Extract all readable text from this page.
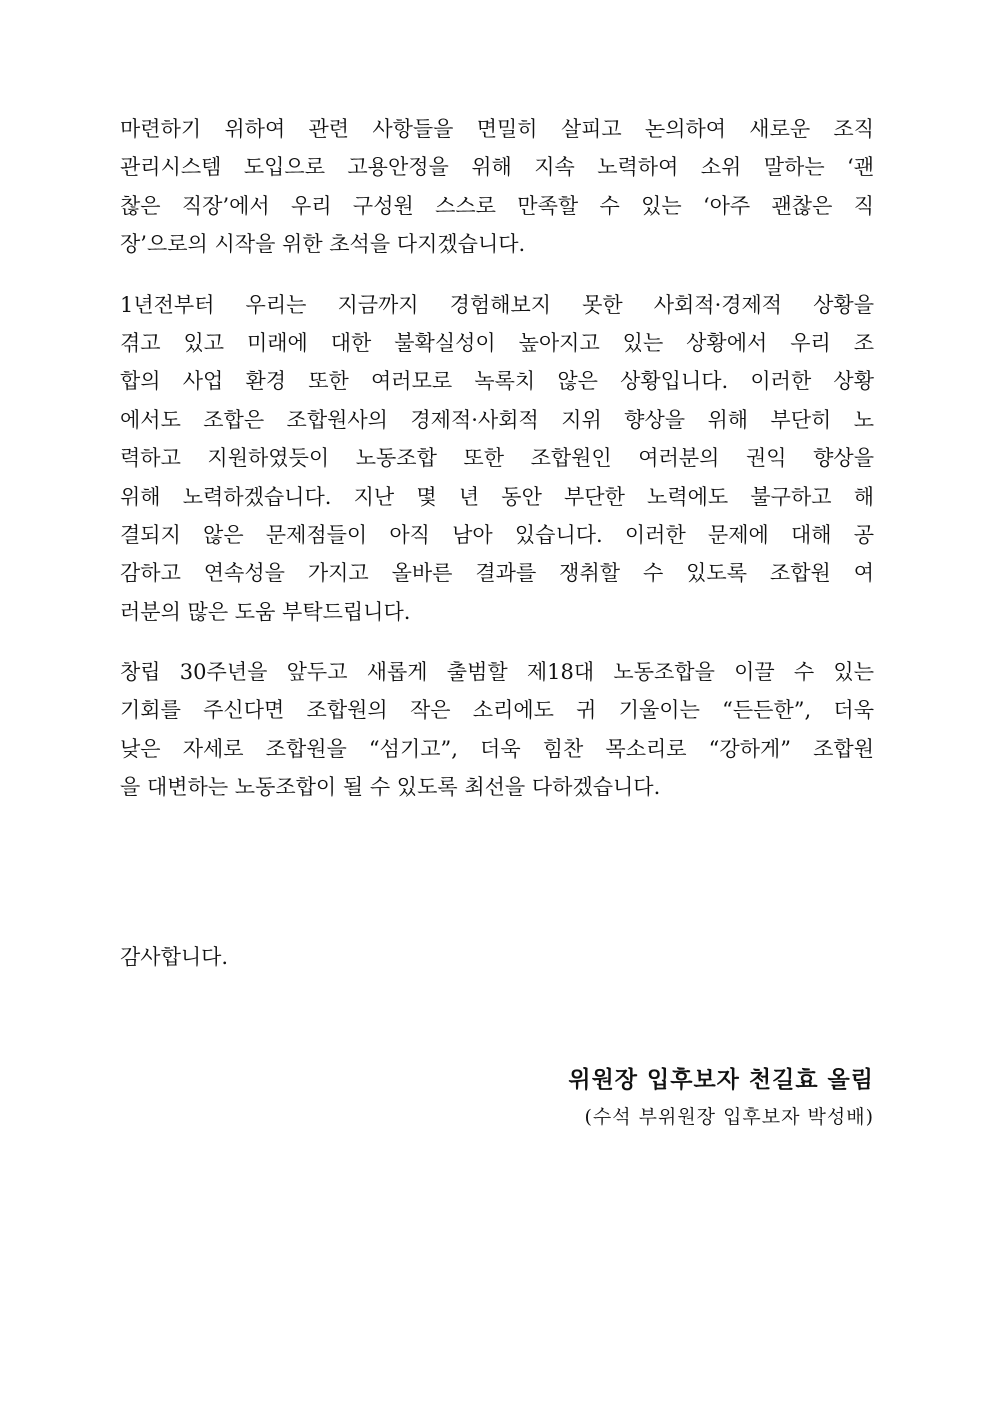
마련하기 위하여 관련 사항들을 면밀히 살피고 논의하여 새로운 조직
관리시스템 도입으로 고용안정을 위해 지속 노력하여 소위 말하는 ‘괜
찮은 직장’에서 우리 구성원 스스로 만족할 수 있는 ‘아주 괜찮은 직
장’으로의 시작을 위한 초석을 다지겠습니다.
1년전부터 우리는 지금까지 경험해보지 못한 사회적·경제적 상황을
겪고 있고 미래에 대한 불확실성이 높아지고 있는 상황에서 우리 조
합의 사업 환경 또한 여러모로 녹록치 않은 상황입니다. 이러한 상황
에서도 조합은 조합원사의 경제적·사회적 지위 향상을 위해 부단히 노
력하고 지원하였듯이 노동조합 또한 조합원인 여러분의 권익 향상을
위해 노력하겠습니다. 지난 몇 년 동안 부단한 노력에도 불구하고 해
결되지 않은 문제점들이 아직 남아 있습니다. 이러한 문제에 대해 공
감하고 연속성을 가지고 올바른 결과를 쟁취할 수 있도록 조합원 여
러분의 많은 도움 부탁드립니다.
창립 30주년을 앞두고 새롭게 출범할 제18대 노동조합을 이끌 수 있는
기회를 주신다면 조합원의 작은 소리에도 귀 기울이는 “든든한”, 더욱
낮은 자세로 조합원을 “섬기고”, 더욱 힘찬 목소리로 “강하게” 조합원
을 대변하는 노동조합이 될 수 있도록 최선을 다하겠습니다.
감사합니다.
위원장 입후보자 천길효 올림
(수석 부위원장 입후보자 박성배)
